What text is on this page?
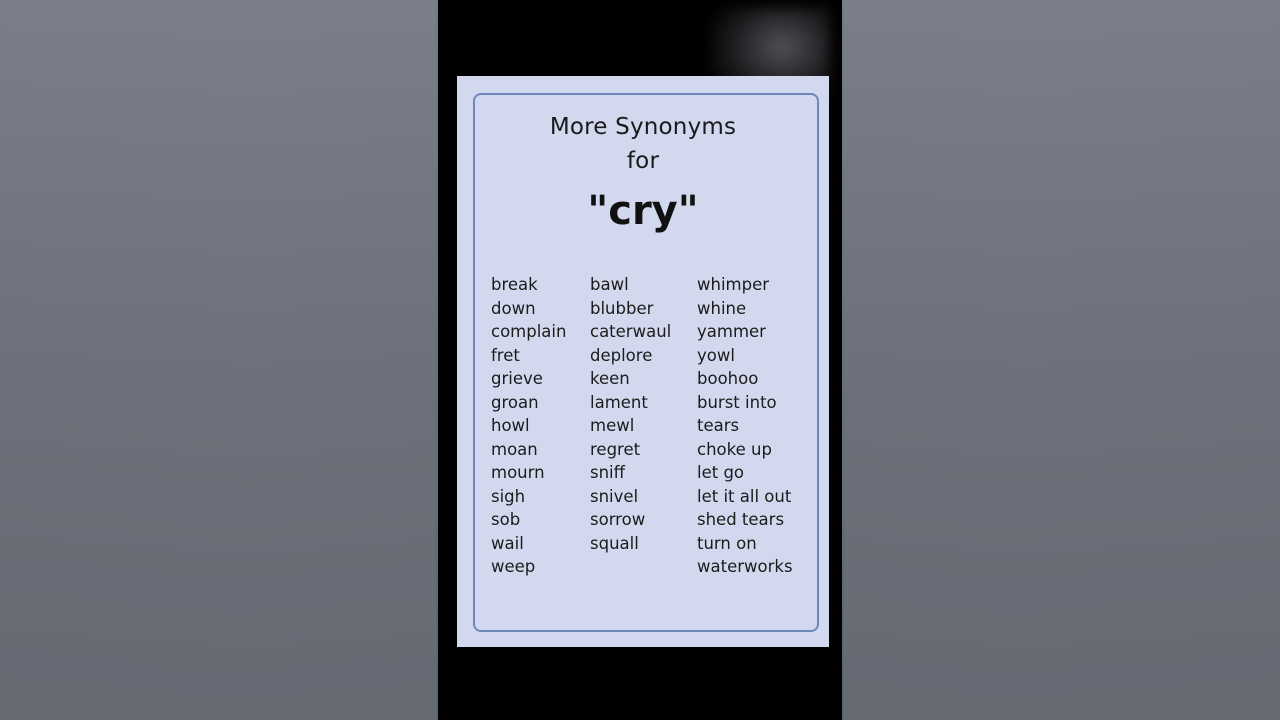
More Synonyms
for
"cry"
break
down
complain
fret
grieve
groan
howl
moan
mourn
sigh
sob
wail
weep
bawl
blubber
caterwaul
deplore
keen
lament
mewl
regret
sniff
snivel
sorrow
squall
whimper
whine
yammer
yowl
boohoo
burst into
tears
choke up
let go
let it all out
shed tears
turn on
waterworks
